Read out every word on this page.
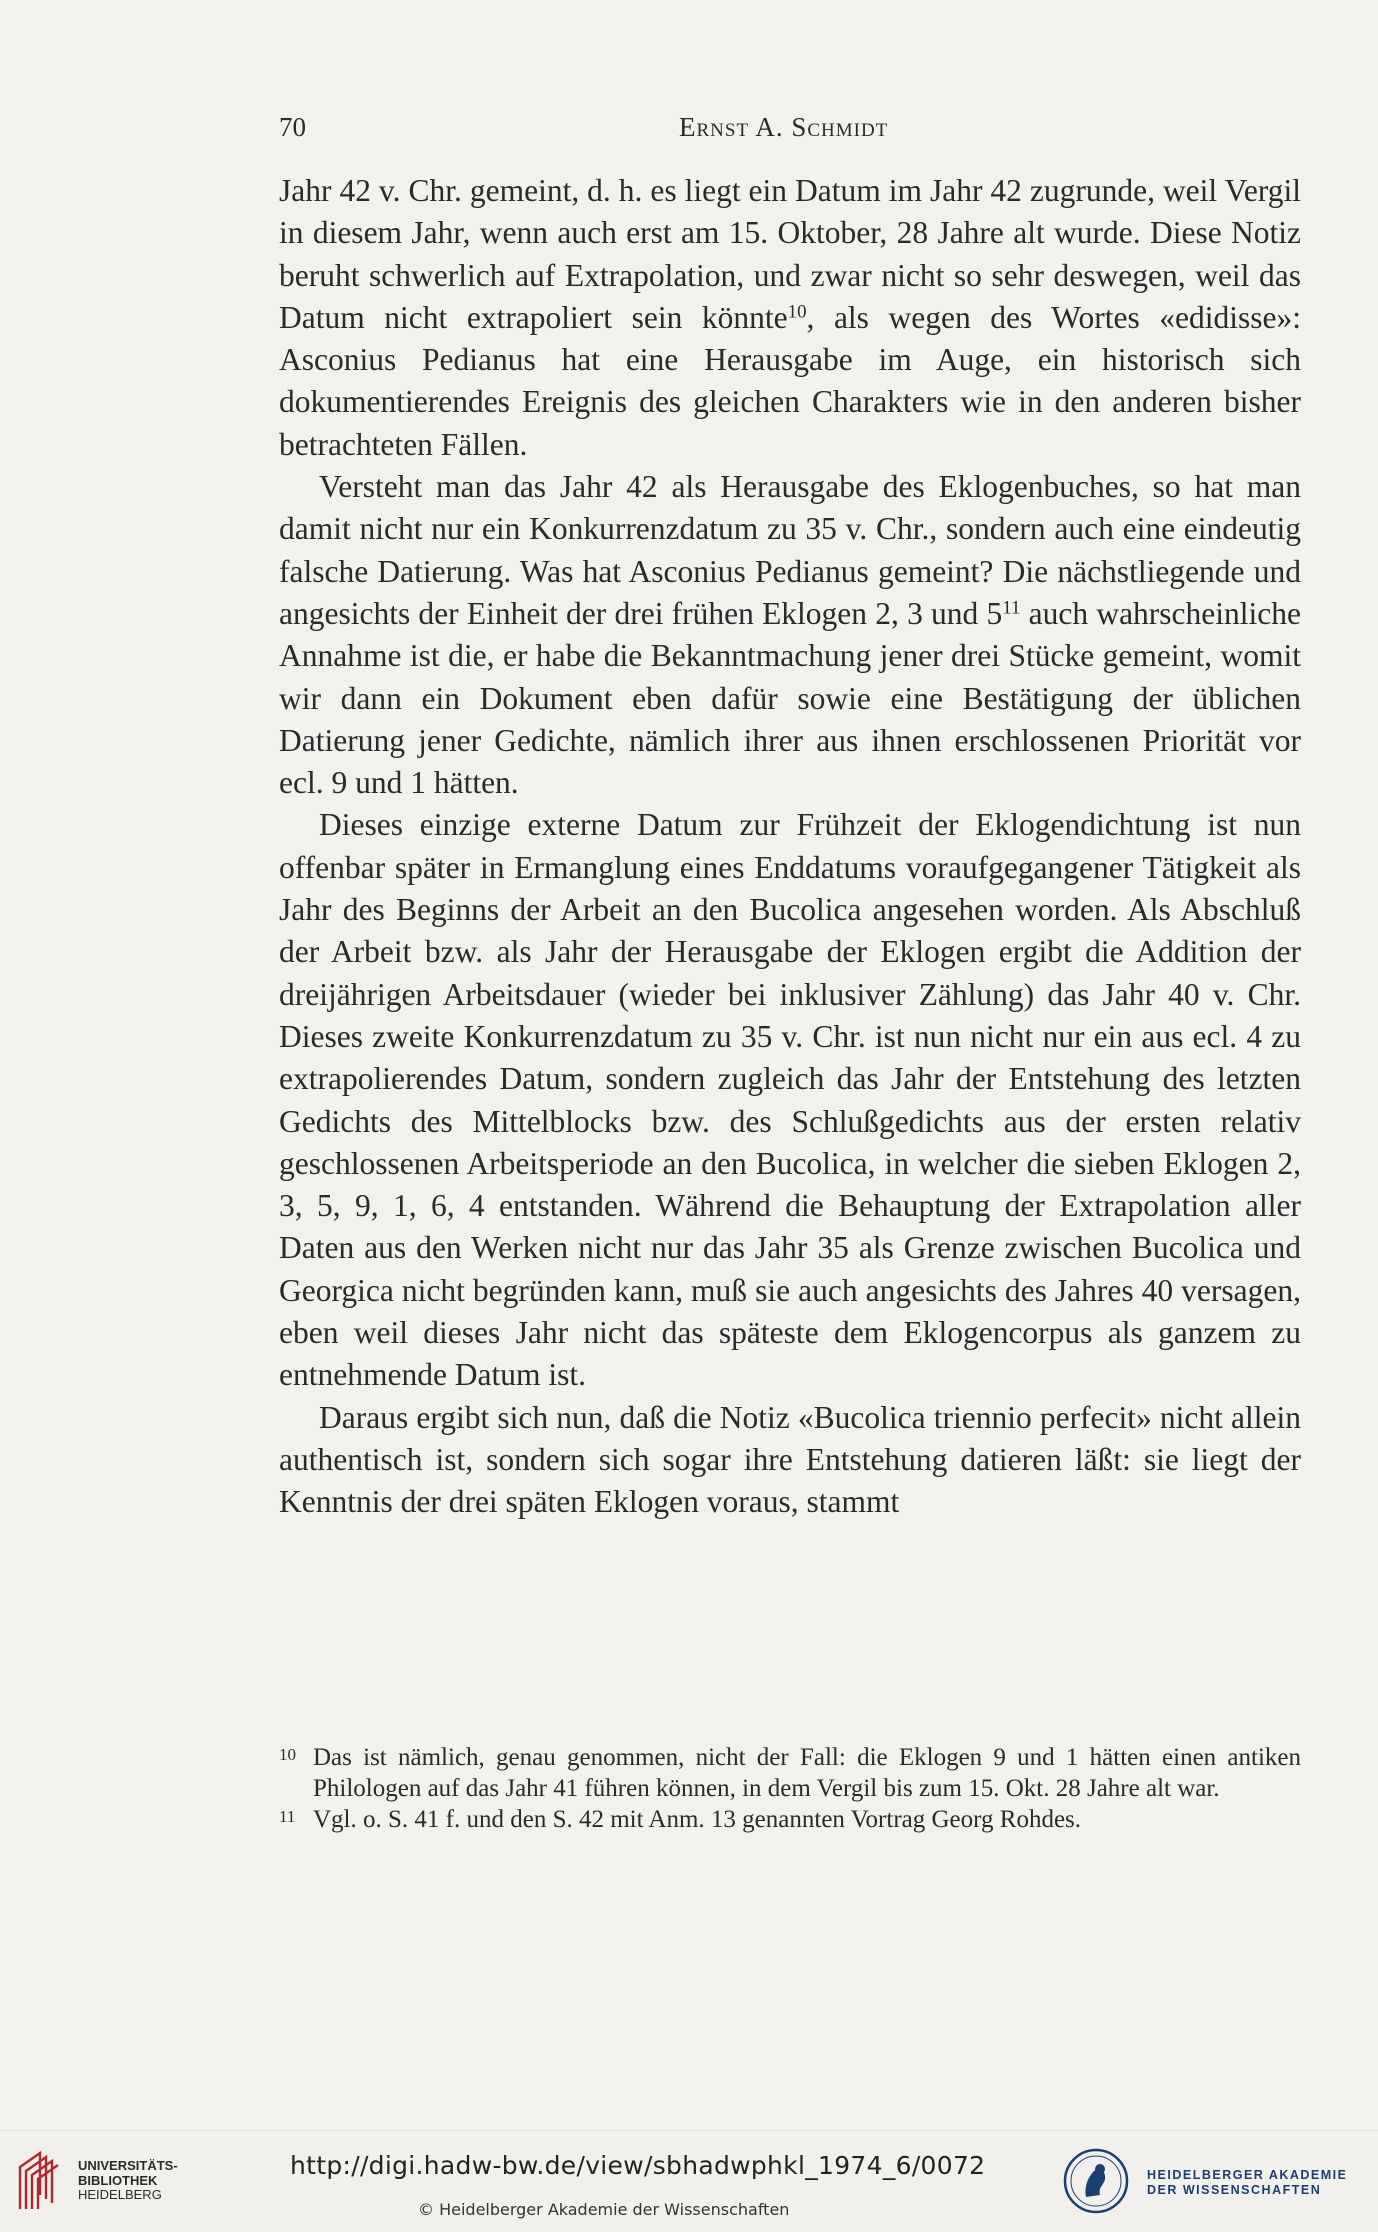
70	Ernst A. Schmidt

Jahr 42 v. Chr. gemeint, d. h. es liegt ein Datum im Jahr 42 zugrunde, weil Vergil in diesem Jahr, wenn auch erst am 15. Oktober, 28 Jahre alt wurde. Diese Notiz beruht schwerlich auf Extrapolation, und zwar nicht so sehr deswegen, weil das Datum nicht extrapoliert sein könnte$^{10}$, als wegen des Wortes «edidisse»: Asconius Pedianus hat eine Herausgabe im Auge, ein historisch sich dokumentierendes Ereignis des gleichen Charakters wie in den anderen bisher betrachteten Fällen.

Versteht man das Jahr 42 als Herausgabe des Eklogenbuches, so hat man damit nicht nur ein Konkurrenzdatum zu 35 v. Chr., sondern auch eine eindeutig falsche Datierung. Was hat Asconius Pedianus gemeint? Die nächstliegende und angesichts der Einheit der drei frühen Eklogen 2, 3 und $5^{11}$ auch wahrscheinliche Annahme ist die, er habe die Bekanntmachung jener drei Stücke gemeint, womit wir dann ein Dokument eben dafür sowie eine Bestätigung der üblichen Datierung jener Gedichte, nämlich ihrer aus ihnen erschlossenen Priorität vor ecl. 9 und 1 hätten.

Dieses einzige externe Datum zur Frühzeit der Eklogendichtung ist nun offenbar später in Ermanglung eines Enddatums voraufgegangener Tätigkeit als Jahr des Beginns der Arbeit an den Bucolica angesehen worden. Als Abschluß der Arbeit bzw. als Jahr der Herausgabe der Eklogen ergibt die Addition der dreijährigen Arbeitsdauer (wieder bei inklusiver Zählung) das Jahr 40 v. Chr. Dieses zweite Konkurrenzdatum zu 35 v. Chr. ist nun nicht nur ein aus ecl. 4 zu extrapolierendes Datum, sondern zugleich das Jahr der Entstehung des letzten Gedichts des Mittelblocks bzw. des Schlußgedichts aus der ersten relativ geschlossenen Arbeitsperiode an den Bucolica, in welcher die sieben Eklogen 2, 3, 5, 9, 1, 6, 4 entstanden. Während die Behauptung der Extrapolation aller Daten aus den Werken nicht nur das Jahr 35 als Grenze zwischen Bucolica und Georgica nicht begründen kann, muß sie auch angesichts des Jahres 40 versagen, eben weil dieses Jahr nicht das späteste dem Eklogencorpus als ganzem zu entnehmende Datum ist.

Daraus ergibt sich nun, daß die Notiz «Bucolica triennio perfecit» nicht allein authentisch ist, sondern sich sogar ihre Entstehung datieren läßt: sie liegt der Kenntnis der drei späten Eklogen voraus, stammt

10 Das ist nämlich, genau genommen, nicht der Fall: die Eklogen 9 und 1 hätten einen antiken Philologen auf das Jahr 41 führen können, in dem Vergil bis zum 15. Okt. 28 Jahre alt war.
11 Vgl. o. S. 41 f. und den S. 42 mit Anm. 13 genannten Vortrag Georg Rohdes.
UNIVERSITÄTS-
BIBLIOTHEK
HEIDELBERG
http://digi.hadw-bw.de/view/sbhadwphkl_1974_6/0072
© Heidelberger Akademie der Wissenschaften
HEIDELBERGER AKADEMIE
DER WISSENSCHAFTEN
